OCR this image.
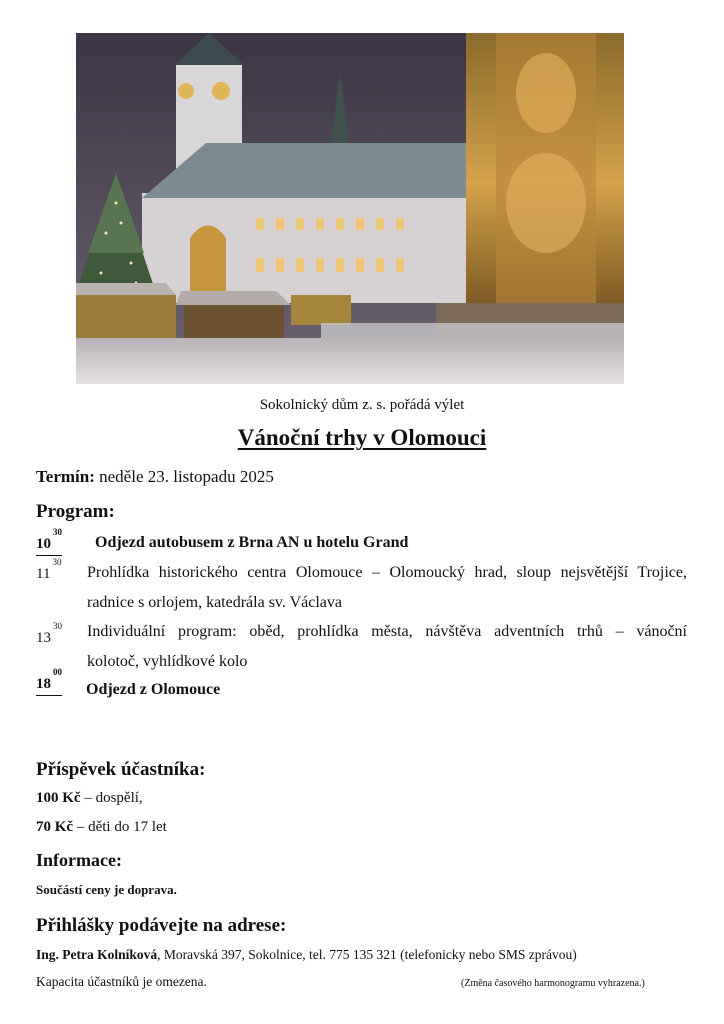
Sokolnický dům z. s. pořádá výlet
Vánoční trhy v Olomouci
Termín: neděle 23. listopadu 2025
Program:
$10^{30}$
Odjezd autobusem z Brna AN u hotelu Grand
$11^{30}$
Prohlídka historického centra Olomouce – Olomoucký hrad, sloup nejsvětější Trojice,
radnice s orlojem, katedrála sv. Václava
$13^{30}$ Individuální program: oběd, prohlídka města, návštěva adventních trhů – vánoční
kolotoč, vyhlídkové kolo
$18^{00}$
Odjezd z Olomouce
Příspěvek účastníka:
100 Kč – dospělí,
70 Kč – děti do 17 let
Informace:
Součástí ceny je doprava.
Přihlášky podávejte na adrese:
Ing. Petra Kolníková, Moravská 397, Sokolnice, tel. 775 135 321 (telefonicky nebo SMS zprávou)
Kapacita účastníků je omezena.	(Změna časového harmonogramu vyhrazena.)
